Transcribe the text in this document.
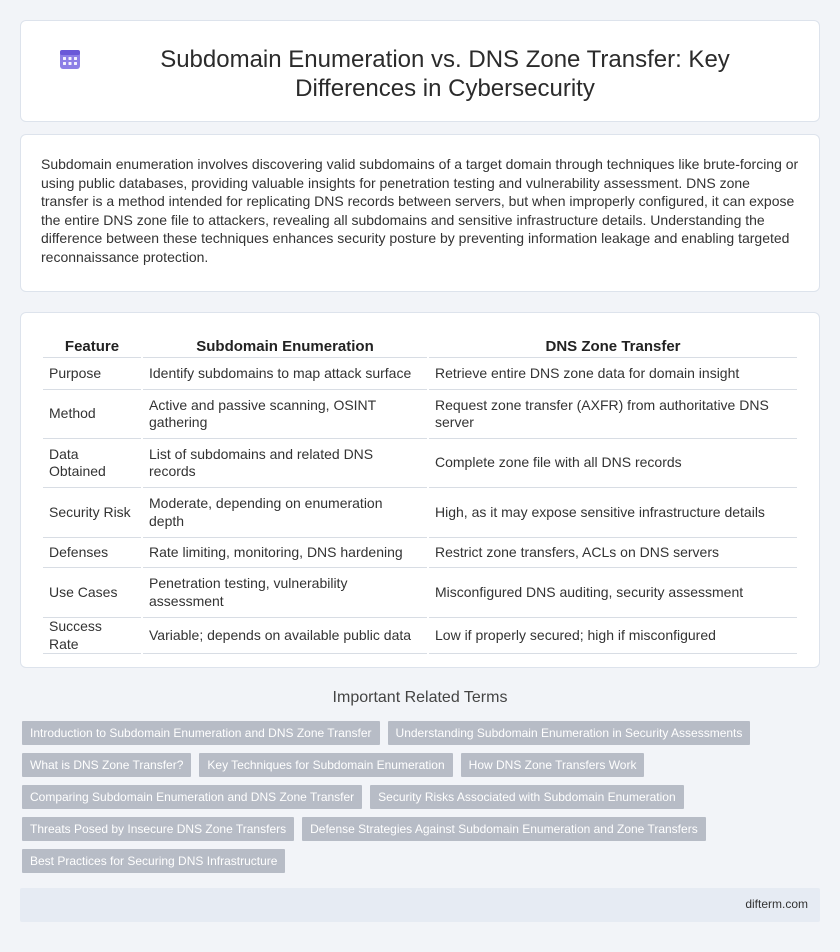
Subdomain Enumeration vs. DNS Zone Transfer: Key Differences in Cybersecurity

Subdomain enumeration involves discovering valid subdomains of a target domain through techniques like brute-forcing or using public databases, providing valuable insights for penetration testing and vulnerability assessment. DNS zone transfer is a method intended for replicating DNS records between servers, but when improperly configured, it can expose the entire DNS zone file to attackers, revealing all subdomains and sensitive infrastructure details. Understanding the difference between these techniques enhances security posture by preventing information leakage and enabling targeted reconnaissance protection.

Feature	Subdomain Enumeration	DNS Zone Transfer
Purpose	Identify subdomains to map attack surface	Retrieve entire DNS zone data for domain insight
Method	Active and passive scanning, OSINT gathering	Request zone transfer (AXFR) from authoritative DNS server
Data Obtained	List of subdomains and related DNS records	Complete zone file with all DNS records
Security Risk	Moderate, depending on enumeration depth	High, as it may expose sensitive infrastructure details
Defenses	Rate limiting, monitoring, DNS hardening	Restrict zone transfers, ACLs on DNS servers
Use Cases	Penetration testing, vulnerability assessment	Misconfigured DNS auditing, security assessment
Success Rate	Variable; depends on available public data	Low if properly secured; high if misconfigured
Important Related Terms
Introduction to Subdomain Enumeration and DNS Zone Transfer	Understanding Subdomain Enumeration in Security Assessments
What is DNS Zone Transfer?	Key Techniques for Subdomain Enumeration	How DNS Zone Transfers Work
Comparing Subdomain Enumeration and DNS Zone Transfer	Security Risks Associated with Subdomain Enumeration
Threats Posed by Insecure DNS Zone Transfers	Defense Strategies Against Subdomain Enumeration and Zone Transfers
Best Practices for Securing DNS Infrastructure
difterm.com
